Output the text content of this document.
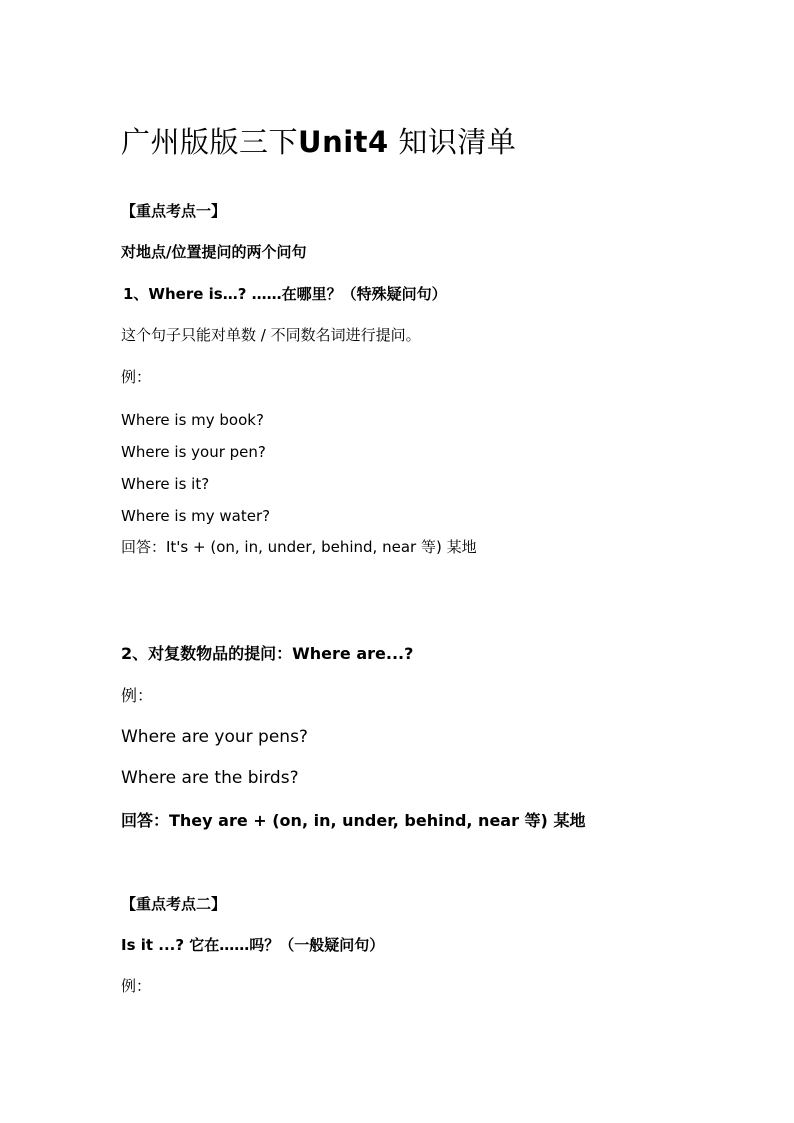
广州版版三下Unit4 知识清单
【重点考点一】
对地点/位置提问的两个问句
1、Where is…? ……在哪里？（特殊疑问句）
这个句子只能对单数 / 不同数名词进行提问。
例：
Where is my book?
Where is your pen?
Where is it?
Where is my water?
回答：It's + (on, in, under, behind, near 等) 某地
2、对复数物品的提问：Where are...?
例：
Where are your pens?
Where are the birds?
回答：They are + (on, in, under, behind, near 等) 某地
【重点考点二】
Is it ...? 它在……吗？（一般疑问句）
例：
